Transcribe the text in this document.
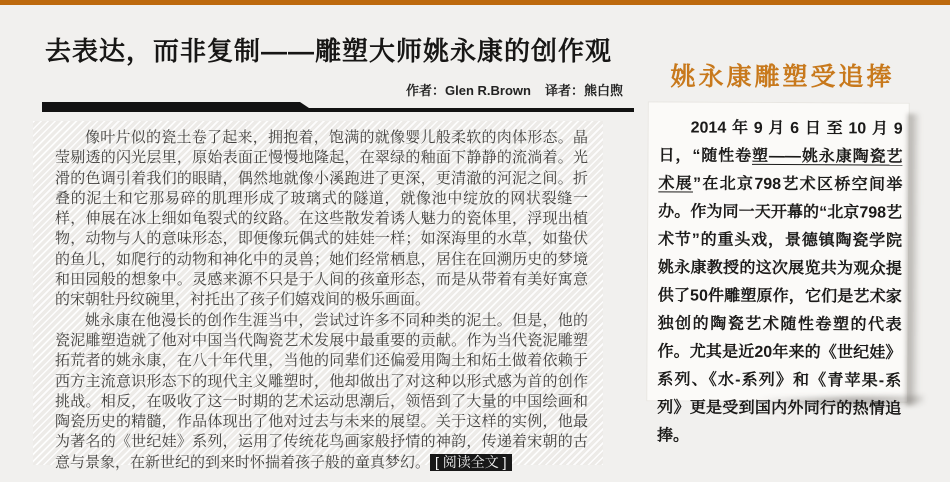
去表达，而非复制——雕塑大师姚永康的创作观
作者：Glen R.Brown 译者：熊白煦

像叶片似的瓷土卷了起来，拥抱着，饱满的就像婴儿般柔软的肉体形态。晶莹剔透的闪光层里，原始表面正慢慢地隆起，在翠绿的釉面下静静的流淌着。光滑的色调引着我们的眼睛，偶然地就像小溪跑进了更深，更清澈的河泥之间。折叠的泥土和它那易碎的肌理形成了玻璃式的隧道，就像池中绽放的网状裂缝一样，伸展在冰上细如龟裂式的纹路。在这些散发着诱人魅力的瓷体里，浮现出植物，动物与人的意味形态，即便像玩偶式的娃娃一样；如深海里的水草，如蛰伏的鱼儿，如爬行的动物和神化中的灵兽；她们经常栖息，居住在回溯历史的梦境和田园般的想象中。灵感来源不只是于人间的孩童形态，而是从带着有美好寓意的宋朝牡丹纹碗里，衬托出了孩子们嬉戏间的极乐画面。

姚永康在他漫长的创作生涯当中，尝试过许多不同种类的泥土。但是，他的瓷泥雕塑造就了他对中国当代陶瓷艺术发展中最重要的贡献。作为当代瓷泥雕塑拓荒者的姚永康，在八十年代里，当他的同辈们还偏爱用陶土和炻土做着依赖于西方主流意识形态下的现代主义雕塑时，他却做出了对这种以形式感为首的创作挑战。相反，在吸收了这一时期的艺术运动思潮后，领悟到了大量的中国绘画和陶瓷历史的精髓，作品体现出了他对过去与未来的展望。关于这样的实例，他最为著名的《世纪娃》系列，运用了传统花鸟画家般抒情的神韵，传递着宋朝的古意与景象，在新世纪的到来时怀揣着孩子般的童真梦幻。 [ 阅读全文 ]

姚永康雕塑受追捧

2014年9月6日至10月9日，“随性卷塑——姚永康陶瓷艺术展”在北京798艺术区桥空间举办。作为同一天开幕的“北京798艺术节”的重头戏，景德镇陶瓷学院姚永康教授的这次展览共为观众提供了50件雕塑原作，它们是艺术家独创的陶瓷艺术随性卷塑的代表作。尤其是近20年来的《世纪娃》系列、《水-系列》和《青苹果-系列》更是受到国内外同行的热情追捧。
